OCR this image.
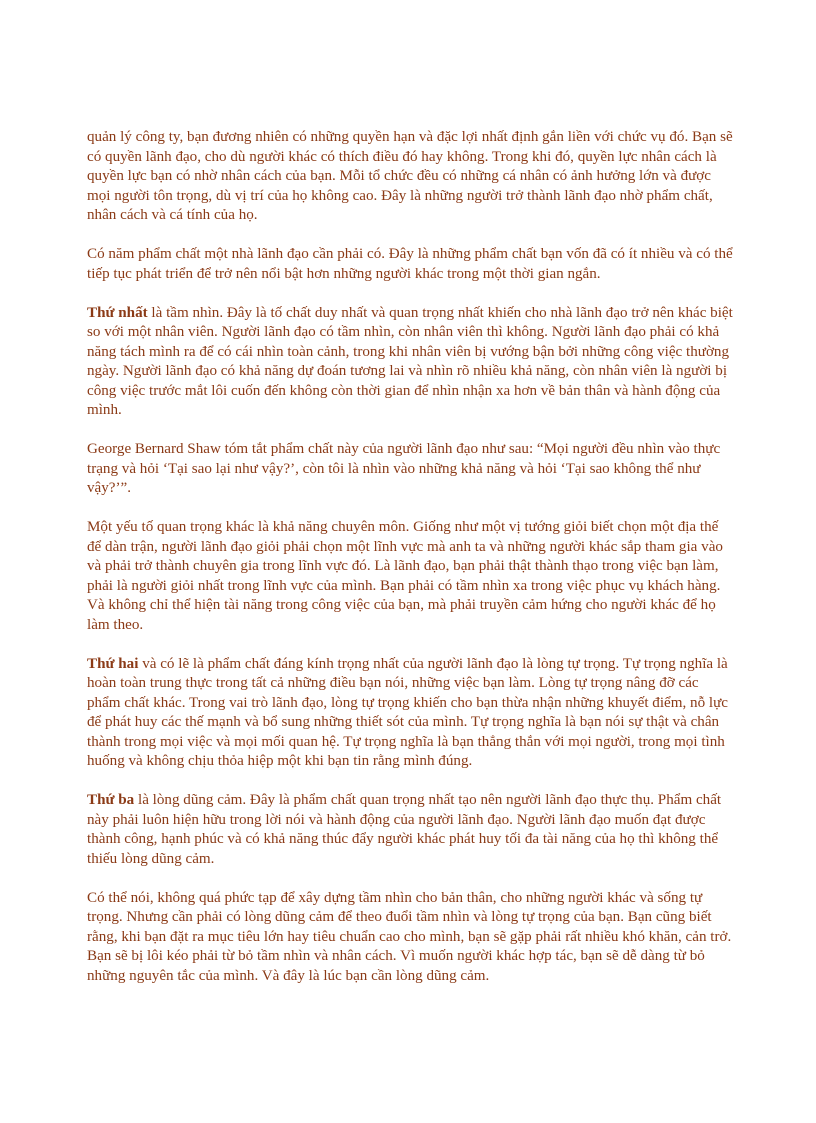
quản lý công ty, bạn đương nhiên có những quyền hạn và đặc lợi nhất định gắn liền với chức vụ đó. Bạn sẽ có quyền lãnh đạo, cho dù người khác có thích điều đó hay không. Trong khi đó, quyền lực nhân cách là quyền lực bạn có nhờ nhân cách của bạn. Mỗi tổ chức đều có những cá nhân có ảnh hưởng lớn và được mọi người tôn trọng, dù vị trí của họ không cao. Đây là những người trở thành lãnh đạo nhờ phẩm chất, nhân cách và cá tính của họ.

Có năm phẩm chất một nhà lãnh đạo cần phải có. Đây là những phẩm chất bạn vốn đã có ít nhiều và có thể tiếp tục phát triển để trở nên nổi bật hơn những người khác trong một thời gian ngắn.

Thứ nhất là tầm nhìn. Đây là tố chất duy nhất và quan trọng nhất khiến cho nhà lãnh đạo trở nên khác biệt so với một nhân viên. Người lãnh đạo có tầm nhìn, còn nhân viên thì không. Người lãnh đạo phải có khả năng tách mình ra để có cái nhìn toàn cảnh, trong khi nhân viên bị vướng bận bởi những công việc thường ngày. Người lãnh đạo có khả năng dự đoán tương lai và nhìn rõ nhiều khả năng, còn nhân viên là người bị công việc trước mắt lôi cuốn đến không còn thời gian để nhìn nhận xa hơn về bản thân và hành động của mình.

George Bernard Shaw tóm tắt phẩm chất này của người lãnh đạo như sau: “Mọi người đều nhìn vào thực trạng và hỏi ‘Tại sao lại như vậy?’, còn tôi là nhìn vào những khả năng và hỏi ‘Tại sao không thể như vậy?’”.

Một yếu tố quan trọng khác là khả năng chuyên môn. Giống như một vị tướng giỏi biết chọn một địa thế để dàn trận, người lãnh đạo giỏi phải chọn một lĩnh vực mà anh ta và những người khác sắp tham gia vào và phải trở thành chuyên gia trong lĩnh vực đó. Là lãnh đạo, bạn phải thật thành thạo trong việc bạn làm, phải là người giỏi nhất trong lĩnh vực của mình. Bạn phải có tầm nhìn xa trong việc phục vụ khách hàng. Và không chỉ thể hiện tài năng trong công việc của bạn, mà phải truyền cảm hứng cho người khác để họ làm theo.

Thứ hai và có lẽ là phẩm chất đáng kính trọng nhất của người lãnh đạo là lòng tự trọng. Tự trọng nghĩa là hoàn toàn trung thực trong tất cả những điều bạn nói, những việc bạn làm. Lòng tự trọng nâng đỡ các phẩm chất khác. Trong vai trò lãnh đạo, lòng tự trọng khiến cho bạn thừa nhận những khuyết điểm, nỗ lực để phát huy các thế mạnh và bổ sung những thiết sót của mình. Tự trọng nghĩa là bạn nói sự thật và chân thành trong mọi việc và mọi mối quan hệ. Tự trọng nghĩa là bạn thẳng thắn với mọi người, trong mọi tình huống và không chịu thỏa hiệp một khi bạn tin rằng mình đúng.

Thứ ba là lòng dũng cảm. Đây là phẩm chất quan trọng nhất tạo nên người lãnh đạo thực thụ. Phẩm chất này phải luôn hiện hữu trong lời nói và hành động của người lãnh đạo. Người lãnh đạo muốn đạt được thành công, hạnh phúc và có khả năng thúc đẩy người khác phát huy tối đa tài năng của họ thì không thể thiếu lòng dũng cảm.

Có thể nói, không quá phức tạp để xây dựng tầm nhìn cho bản thân, cho những người khác và sống tự trọng. Nhưng cần phải có lòng dũng cảm để theo đuổi tầm nhìn và lòng tự trọng của bạn. Bạn cũng biết rằng, khi bạn đặt ra mục tiêu lớn hay tiêu chuẩn cao cho mình, bạn sẽ gặp phải rất nhiều khó khăn, cản trở. Bạn sẽ bị lôi kéo phải từ bỏ tầm nhìn và nhân cách. Vì muốn người khác hợp tác, bạn sẽ dễ dàng từ bỏ những nguyên tắc của mình. Và đây là lúc bạn cần lòng dũng cảm.
